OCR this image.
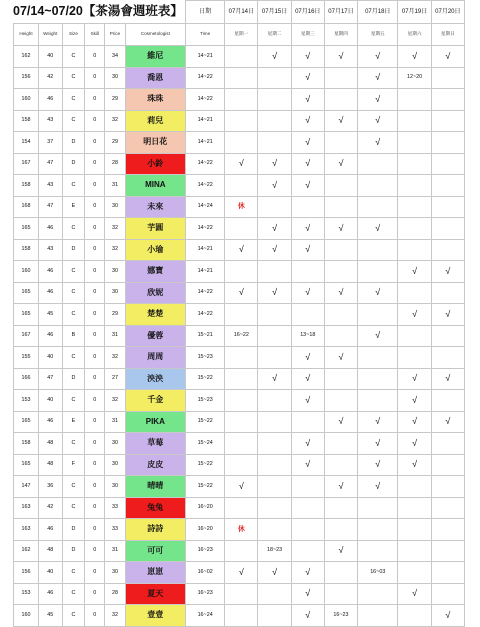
						日期	07月14日	07月15日	07月16日	07月17日	07月18日	07月19日	07月20日
Height	Weight	Size	Skill	Price	Cosmetologist	Time	星期一	星期二	星期三	星期四	星期五	星期六	星期日
162	40	C	0	34	維尼	14~21		√	√	√	√	√	√
156	42	C	0	30	喬恩	14~22			√		√	12~20	
160	46	C	0	29	珠珠	14~22			√		√		
158	43	C	0	32	莉兒	14~21			√	√	√		
154	37	D	0	29	明日花	14~21			√		√		
167	47	D	0	28	小鈴	14~22	√	√	√	√			
158	43	C	0	31	MINA	14~22		√	√				
168	47	E	0	30	未來	14~24	休						
165	46	C	0	32	芋圓	14~22		√	√	√	√		
158	43	D	0	32	小瑜	14~21	√	√	√				
160	46	C	0	30	娜寶	14~21						√	√
165	46	C	0	30	欣妮	14~22	√	√	√	√	√		
165	45	C	0	29	楚楚	14~22						√	√
167	46	B	0	31	優蓉	15~21	16~22		13~18		√		
155	40	C	0	32	周周	15~23			√	√			
166	47	D	0	27	泱泱	15~22		√	√			√	√
153	40	C	0	32	千金	15~23			√			√	
165	46	E	0	31	PIKA	15~22				√	√	√	√
158	48	C	0	30	草莓	15~24			√		√	√	
165	48	F	0	30	皮皮	15~22			√		√	√	
147	36	C	0	30	晴晴	15~22	√			√	√		
163	42	C	0	33	兔兔	16~20							
163	46	D	0	33	詩詩	16~20	休						
162	48	D	0	31	可可	16~23		18~23		√			
156	40	C	0	30	崽崽	16~02	√	√	√		16~03		
153	46	C	0	28	夏天	16~23			√			√	
160	45	C	0	32	壹壹	16~24			√	16~23			√
07/14~07/20【茶湯會週班表】
